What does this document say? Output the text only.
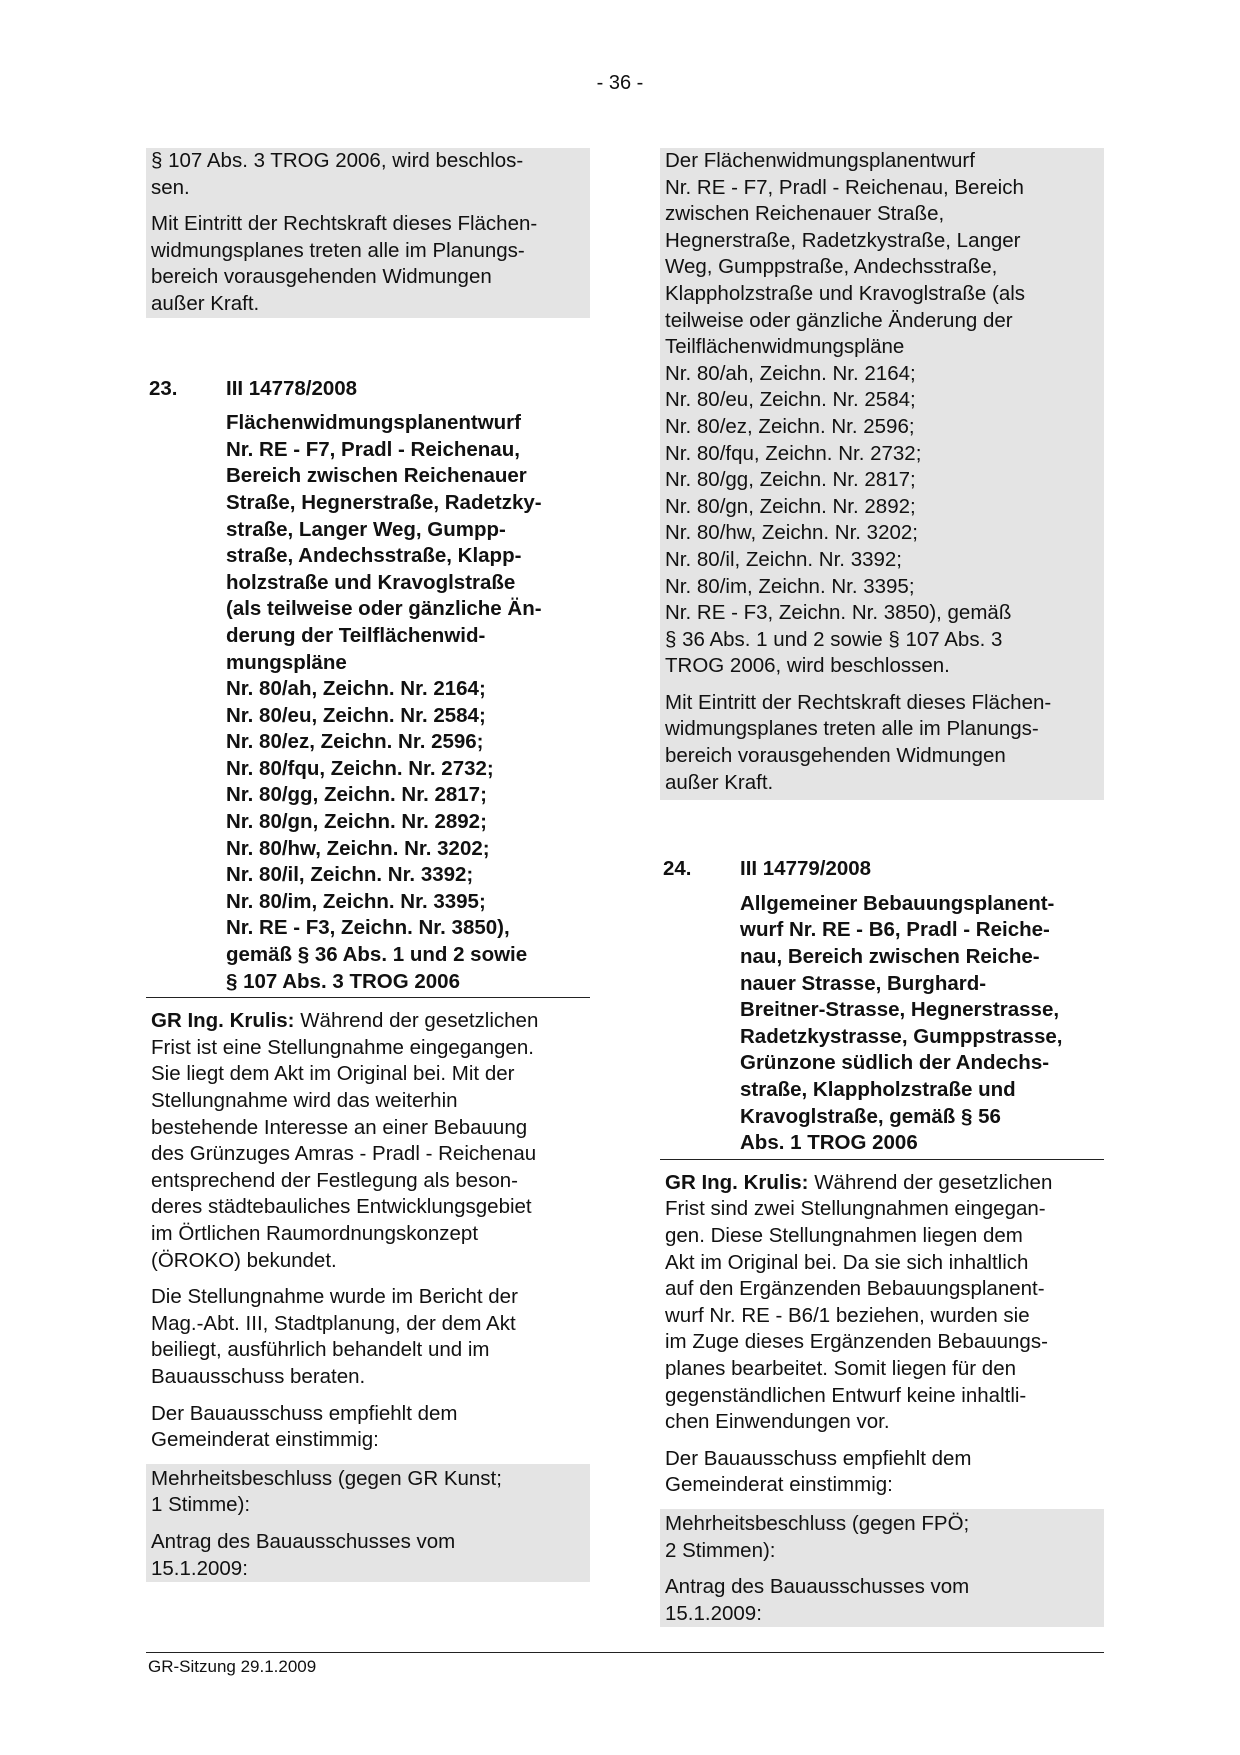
- 36 -

§ 107 Abs. 3 TROG 2006, wird beschlos-
sen.

Mit Eintritt der Rechtskraft dieses Flächen-
widmungsplanes treten alle im Planungs-
bereich vorausgehenden Widmungen
außer Kraft.

23.	III 14778/2008
Flächenwidmungsplanentwurf
Nr. RE - F7, Pradl - Reichenau,
Bereich zwischen Reichenauer
Straße, Hegnerstraße, Radetzky-
straße, Langer Weg, Gumpp-
straße, Andechsstraße, Klapp-
holzstraße und Kravoglstraße
(als teilweise oder gänzliche Än-
derung der Teilflächenwid-
mungspläne
Nr. 80/ah, Zeichn. Nr. 2164;
Nr. 80/eu, Zeichn. Nr. 2584;
Nr. 80/ez, Zeichn. Nr. 2596;
Nr. 80/fqu, Zeichn. Nr. 2732;
Nr. 80/gg, Zeichn. Nr. 2817;
Nr. 80/gn, Zeichn. Nr. 2892;
Nr. 80/hw, Zeichn. Nr. 3202;
Nr. 80/il, Zeichn. Nr. 3392;
Nr. 80/im, Zeichn. Nr. 3395;
Nr. RE - F3, Zeichn. Nr. 3850),
gemäß § 36 Abs. 1 und 2 sowie
§ 107 Abs. 3 TROG 2006

GR Ing. Krulis: Während der gesetzlichen
Frist ist eine Stellungnahme eingegangen.
Sie liegt dem Akt im Original bei. Mit der
Stellungnahme wird das weiterhin
bestehende Interesse an einer Bebauung
des Grünzuges Amras - Pradl - Reichenau
entsprechend der Festlegung als beson-
deres städtebauliches Entwicklungsgebiet
im Örtlichen Raumordnungskonzept
(ÖROKO) bekundet.

Die Stellungnahme wurde im Bericht der
Mag.-Abt. III, Stadtplanung, der dem Akt
beiliegt, ausführlich behandelt und im
Bauausschuss beraten.

Der Bauausschuss empfiehlt dem
Gemeinderat einstimmig:

Mehrheitsbeschluss (gegen GR Kunst;
1 Stimme):

Antrag des Bauausschusses vom
15.1.2009:

Der Flächenwidmungsplanentwurf
Nr. RE - F7, Pradl - Reichenau, Bereich
zwischen Reichenauer Straße,
Hegnerstraße, Radetzkystraße, Langer
Weg, Gumppstraße, Andechsstraße,
Klappholzstraße und Kravoglstraße (als
teilweise oder gänzliche Änderung der
Teilflächenwidmungspläne
Nr. 80/ah, Zeichn. Nr. 2164;
Nr. 80/eu, Zeichn. Nr. 2584;
Nr. 80/ez, Zeichn. Nr. 2596;
Nr. 80/fqu, Zeichn. Nr. 2732;
Nr. 80/gg, Zeichn. Nr. 2817;
Nr. 80/gn, Zeichn. Nr. 2892;
Nr. 80/hw, Zeichn. Nr. 3202;
Nr. 80/il, Zeichn. Nr. 3392;
Nr. 80/im, Zeichn. Nr. 3395;
Nr. RE - F3, Zeichn. Nr. 3850), gemäß
§ 36 Abs. 1 und 2 sowie § 107 Abs. 3
TROG 2006, wird beschlossen.

Mit Eintritt der Rechtskraft dieses Flächen-
widmungsplanes treten alle im Planungs-
bereich vorausgehenden Widmungen
außer Kraft.

24.	III 14779/2008
Allgemeiner Bebauungsplanent-
wurf Nr. RE - B6, Pradl - Reiche-
nau, Bereich zwischen Reiche-
nauer Strasse, Burghard-
Breitner-Strasse, Hegnerstrasse,
Radetzkystrasse, Gumppstrasse,
Grünzone südlich der Andechs-
straße, Klappholzstraße und
Kravoglstraße, gemäß § 56
Abs. 1 TROG 2006

GR Ing. Krulis: Während der gesetzlichen
Frist sind zwei Stellungnahmen eingegan-
gen. Diese Stellungnahmen liegen dem
Akt im Original bei. Da sie sich inhaltlich
auf den Ergänzenden Bebauungsplanent-
wurf Nr. RE - B6/1 beziehen, wurden sie
im Zuge dieses Ergänzenden Bebauungs-
planes bearbeitet. Somit liegen für den
gegenständlichen Entwurf keine inhaltli-
chen Einwendungen vor.

Der Bauausschuss empfiehlt dem
Gemeinderat einstimmig:

Mehrheitsbeschluss (gegen FPÖ;
2 Stimmen):

Antrag des Bauausschusses vom
15.1.2009:

GR-Sitzung 29.1.2009
